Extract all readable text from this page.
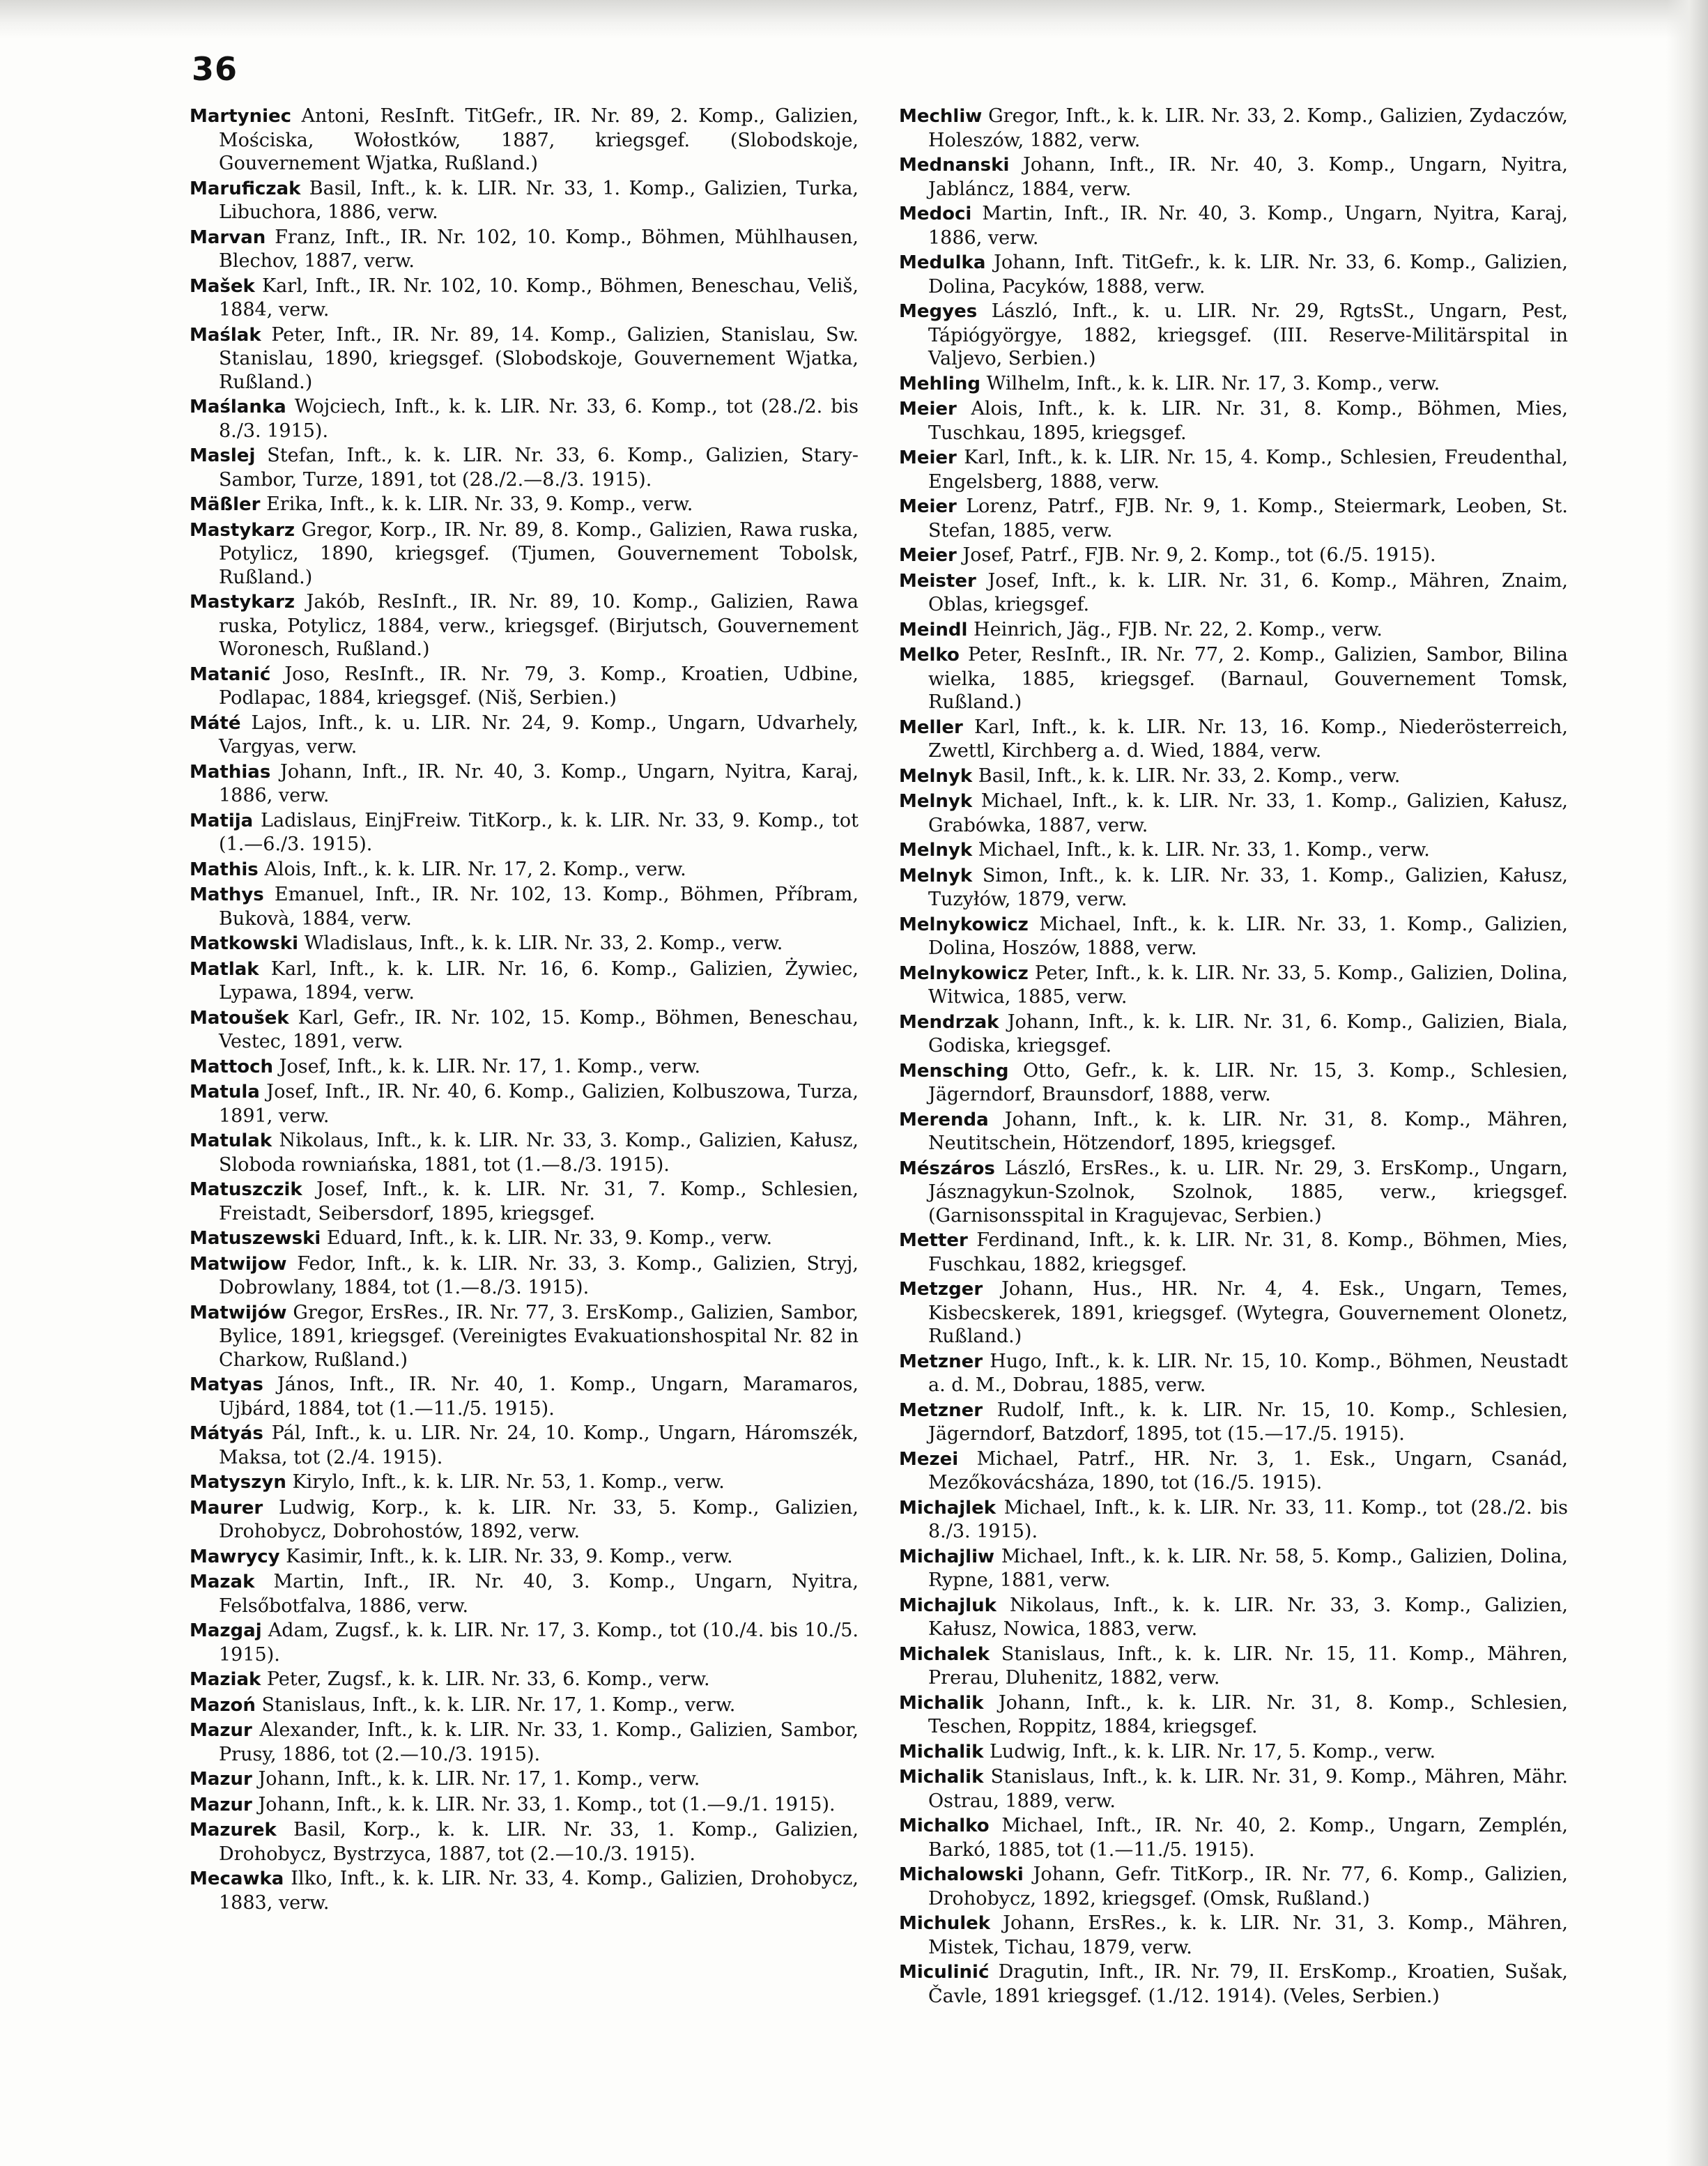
36
Martyniec Antoni, ResInft. TitGefr., IR. Nr. 89, 2. Komp., Galizien, Mościska, Wołostków, 1887, kriegsgef. (Slobodskoje, Gouvernement Wjatka, Rußland.)
Maruficzak Basil, Inft., k. k. LIR. Nr. 33, 1. Komp., Galizien, Turka, Libuchora, 1886, verw.
Marvan Franz, Inft., IR. Nr. 102, 10. Komp., Böhmen, Mühlhausen, Blechov, 1887, verw.
Mašek Karl, Inft., IR. Nr. 102, 10. Komp., Böhmen, Beneschau, Veliš, 1884, verw.
Maślak Peter, Inft., IR. Nr. 89, 14. Komp., Galizien, Stanislau, Sw. Stanislau, 1890, kriegsgef. (Slobodskoje, Gouvernement Wjatka, Rußland.)
Maślanka Wojciech, Inft., k. k. LIR. Nr. 33, 6. Komp., tot (28./2. bis 8./3. 1915).
Maslej Stefan, Inft., k. k. LIR. Nr. 33, 6. Komp., Galizien, Stary-Sambor, Turze, 1891, tot (28./2.—8./3. 1915).
Mäßler Erika, Inft., k. k. LIR. Nr. 33, 9. Komp., verw.
Mastykarz Gregor, Korp., IR. Nr. 89, 8. Komp., Galizien, Rawa ruska, Potylicz, 1890, kriegsgef. (Tjumen, Gouvernement Tobolsk, Rußland.)
Mastykarz Jakób, ResInft., IR. Nr. 89, 10. Komp., Galizien, Rawa ruska, Potylicz, 1884, verw., kriegsgef. (Birjutsch, Gouvernement Woronesch, Rußland.)
Matanić Joso, ResInft., IR. Nr. 79, 3. Komp., Kroatien, Udbine, Podlapac, 1884, kriegsgef. (Niš, Serbien.)
Máté Lajos, Inft., k. u. LIR. Nr. 24, 9. Komp., Ungarn, Udvarhely, Vargyas, verw.
Mathias Johann, Inft., IR. Nr. 40, 3. Komp., Ungarn, Nyitra, Karaj, 1886, verw.
Matija Ladislaus, EinjFreiw. TitKorp., k. k. LIR. Nr. 33, 9. Komp., tot (1.—6./3. 1915).
Mathis Alois, Inft., k. k. LIR. Nr. 17, 2. Komp., verw.
Mathys Emanuel, Inft., IR. Nr. 102, 13. Komp., Böhmen, Příbram, Bukovà, 1884, verw.
Matkowski Wladislaus, Inft., k. k. LIR. Nr. 33, 2. Komp., verw.
Matlak Karl, Inft., k. k. LIR. Nr. 16, 6. Komp., Galizien, Żywiec, Lypawa, 1894, verw.
Matoušek Karl, Gefr., IR. Nr. 102, 15. Komp., Böhmen, Beneschau, Vestec, 1891, verw.
Mattoch Josef, Inft., k. k. LIR. Nr. 17, 1. Komp., verw.
Matula Josef, Inft., IR. Nr. 40, 6. Komp., Galizien, Kolbuszowa, Turza, 1891, verw.
Matulak Nikolaus, Inft., k. k. LIR. Nr. 33, 3. Komp., Galizien, Kałusz, Sloboda rowniańska, 1881, tot (1.—8./3. 1915).
Matuszczik Josef, Inft., k. k. LIR. Nr. 31, 7. Komp., Schlesien, Freistadt, Seibersdorf, 1895, kriegsgef.
Matuszewski Eduard, Inft., k. k. LIR. Nr. 33, 9. Komp., verw.
Matwijow Fedor, Inft., k. k. LIR. Nr. 33, 3. Komp., Galizien, Stryj, Dobrowlany, 1884, tot (1.—8./3. 1915).
Matwijów Gregor, ErsRes., IR. Nr. 77, 3. ErsKomp., Galizien, Sambor, Bylice, 1891, kriegsgef. (Vereinigtes Evakuationshospital Nr. 82 in Charkow, Rußland.)
Matyas János, Inft., IR. Nr. 40, 1. Komp., Ungarn, Maramaros, Ujbárd, 1884, tot (1.—11./5. 1915).
Mátyás Pál, Inft., k. u. LIR. Nr. 24, 10. Komp., Ungarn, Háromszék, Maksa, tot (2./4. 1915).
Matyszyn Kirylo, Inft., k. k. LIR. Nr. 53, 1. Komp., verw.
Maurer Ludwig, Korp., k. k. LIR. Nr. 33, 5. Komp., Galizien, Drohobycz, Dobrohostów, 1892, verw.
Mawrycy Kasimir, Inft., k. k. LIR. Nr. 33, 9. Komp., verw.
Mazak Martin, Inft., IR. Nr. 40, 3. Komp., Ungarn, Nyitra, Felsőbotfalva, 1886, verw.
Mazgaj Adam, Zugsf., k. k. LIR. Nr. 17, 3. Komp., tot (10./4. bis 10./5. 1915).
Maziak Peter, Zugsf., k. k. LIR. Nr. 33, 6. Komp., verw.
Mazoń Stanislaus, Inft., k. k. LIR. Nr. 17, 1. Komp., verw.
Mazur Alexander, Inft., k. k. LIR. Nr. 33, 1. Komp., Galizien, Sambor, Prusy, 1886, tot (2.—10./3. 1915).
Mazur Johann, Inft., k. k. LIR. Nr. 17, 1. Komp., verw.
Mazur Johann, Inft., k. k. LIR. Nr. 33, 1. Komp., tot (1.—9./1. 1915).
Mazurek Basil, Korp., k. k. LIR. Nr. 33, 1. Komp., Galizien, Drohobycz, Bystrzyca, 1887, tot (2.—10./3. 1915).
Mecawka Ilko, Inft., k. k. LIR. Nr. 33, 4. Komp., Galizien, Drohobycz, 1883, verw.
Mechliw Gregor, Inft., k. k. LIR. Nr. 33, 2. Komp., Galizien, Zydaczów, Holeszów, 1882, verw.
Mednanski Johann, Inft., IR. Nr. 40, 3. Komp., Ungarn, Nyitra, Jabláncz, 1884, verw.
Medoci Martin, Inft., IR. Nr. 40, 3. Komp., Ungarn, Nyitra, Karaj, 1886, verw.
Medulka Johann, Inft. TitGefr., k. k. LIR. Nr. 33, 6. Komp., Galizien, Dolina, Pacyków, 1888, verw.
Megyes László, Inft., k. u. LIR. Nr. 29, RgtsSt., Ungarn, Pest, Tápiógyörgye, 1882, kriegsgef. (III. Reserve-Militärspital in Valjevo, Serbien.)
Mehling Wilhelm, Inft., k. k. LIR. Nr. 17, 3. Komp., verw.
Meier Alois, Inft., k. k. LIR. Nr. 31, 8. Komp., Böhmen, Mies, Tuschkau, 1895, kriegsgef.
Meier Karl, Inft., k. k. LIR. Nr. 15, 4. Komp., Schlesien, Freudenthal, Engelsberg, 1888, verw.
Meier Lorenz, Patrf., FJB. Nr. 9, 1. Komp., Steiermark, Leoben, St. Stefan, 1885, verw.
Meier Josef, Patrf., FJB. Nr. 9, 2. Komp., tot (6./5. 1915).
Meister Josef, Inft., k. k. LIR. Nr. 31, 6. Komp., Mähren, Znaim, Oblas, kriegsgef.
Meindl Heinrich, Jäg., FJB. Nr. 22, 2. Komp., verw.
Melko Peter, ResInft., IR. Nr. 77, 2. Komp., Galizien, Sambor, Bilina wielka, 1885, kriegsgef. (Barnaul, Gouvernement Tomsk, Rußland.)
Meller Karl, Inft., k. k. LIR. Nr. 13, 16. Komp., Niederösterreich, Zwettl, Kirchberg a. d. Wied, 1884, verw.
Melnyk Basil, Inft., k. k. LIR. Nr. 33, 2. Komp., verw.
Melnyk Michael, Inft., k. k. LIR. Nr. 33, 1. Komp., Galizien, Kałusz, Grabówka, 1887, verw.
Melnyk Michael, Inft., k. k. LIR. Nr. 33, 1. Komp., verw.
Melnyk Simon, Inft., k. k. LIR. Nr. 33, 1. Komp., Galizien, Kałusz, Tuzyłów, 1879, verw.
Melnykowicz Michael, Inft., k. k. LIR. Nr. 33, 1. Komp., Galizien, Dolina, Hoszów, 1888, verw.
Melnykowicz Peter, Inft., k. k. LIR. Nr. 33, 5. Komp., Galizien, Dolina, Witwica, 1885, verw.
Mendrzak Johann, Inft., k. k. LIR. Nr. 31, 6. Komp., Galizien, Biala, Godiska, kriegsgef.
Mensching Otto, Gefr., k. k. LIR. Nr. 15, 3. Komp., Schlesien, Jägerndorf, Braunsdorf, 1888, verw.
Merenda Johann, Inft., k. k. LIR. Nr. 31, 8. Komp., Mähren, Neutitschein, Hötzendorf, 1895, kriegsgef.
Mészáros László, ErsRes., k. u. LIR. Nr. 29, 3. ErsKomp., Ungarn, Jásznagykun-Szolnok, Szolnok, 1885, verw., kriegsgef. (Garnisonsspital in Kragujevac, Serbien.)
Metter Ferdinand, Inft., k. k. LIR. Nr. 31, 8. Komp., Böhmen, Mies, Fuschkau, 1882, kriegsgef.
Metzger Johann, Hus., HR. Nr. 4, 4. Esk., Ungarn, Temes, Kisbecskerek, 1891, kriegsgef. (Wytegra, Gouvernement Olonetz, Rußland.)
Metzner Hugo, Inft., k. k. LIR. Nr. 15, 10. Komp., Böhmen, Neustadt a. d. M., Dobrau, 1885, verw.
Metzner Rudolf, Inft., k. k. LIR. Nr. 15, 10. Komp., Schlesien, Jägerndorf, Batzdorf, 1895, tot (15.—17./5. 1915).
Mezei Michael, Patrf., HR. Nr. 3, 1. Esk., Ungarn, Csanád, Mezőkovácsháza, 1890, tot (16./5. 1915).
Michajlek Michael, Inft., k. k. LIR. Nr. 33, 11. Komp., tot (28./2. bis 8./3. 1915).
Michajliw Michael, Inft., k. k. LIR. Nr. 58, 5. Komp., Galizien, Dolina, Rypne, 1881, verw.
Michajluk Nikolaus, Inft., k. k. LIR. Nr. 33, 3. Komp., Galizien, Kałusz, Nowica, 1883, verw.
Michalek Stanislaus, Inft., k. k. LIR. Nr. 15, 11. Komp., Mähren, Prerau, Dluhenitz, 1882, verw.
Michalik Johann, Inft., k. k. LIR. Nr. 31, 8. Komp., Schlesien, Teschen, Roppitz, 1884, kriegsgef.
Michalik Ludwig, Inft., k. k. LIR. Nr. 17, 5. Komp., verw.
Michalik Stanislaus, Inft., k. k. LIR. Nr. 31, 9. Komp., Mähren, Mähr. Ostrau, 1889, verw.
Michalko Michael, Inft., IR. Nr. 40, 2. Komp., Ungarn, Zemplén, Barkó, 1885, tot (1.—11./5. 1915).
Michalowski Johann, Gefr. TitKorp., IR. Nr. 77, 6. Komp., Galizien, Drohobycz, 1892, kriegsgef. (Omsk, Rußland.)
Michulek Johann, ErsRes., k. k. LIR. Nr. 31, 3. Komp., Mähren, Mistek, Tichau, 1879, verw.
Miculinić Dragutin, Inft., IR. Nr. 79, II. ErsKomp., Kroatien, Sušak, Čavle, 1891 kriegsgef. (1./12. 1914). (Veles, Serbien.)
